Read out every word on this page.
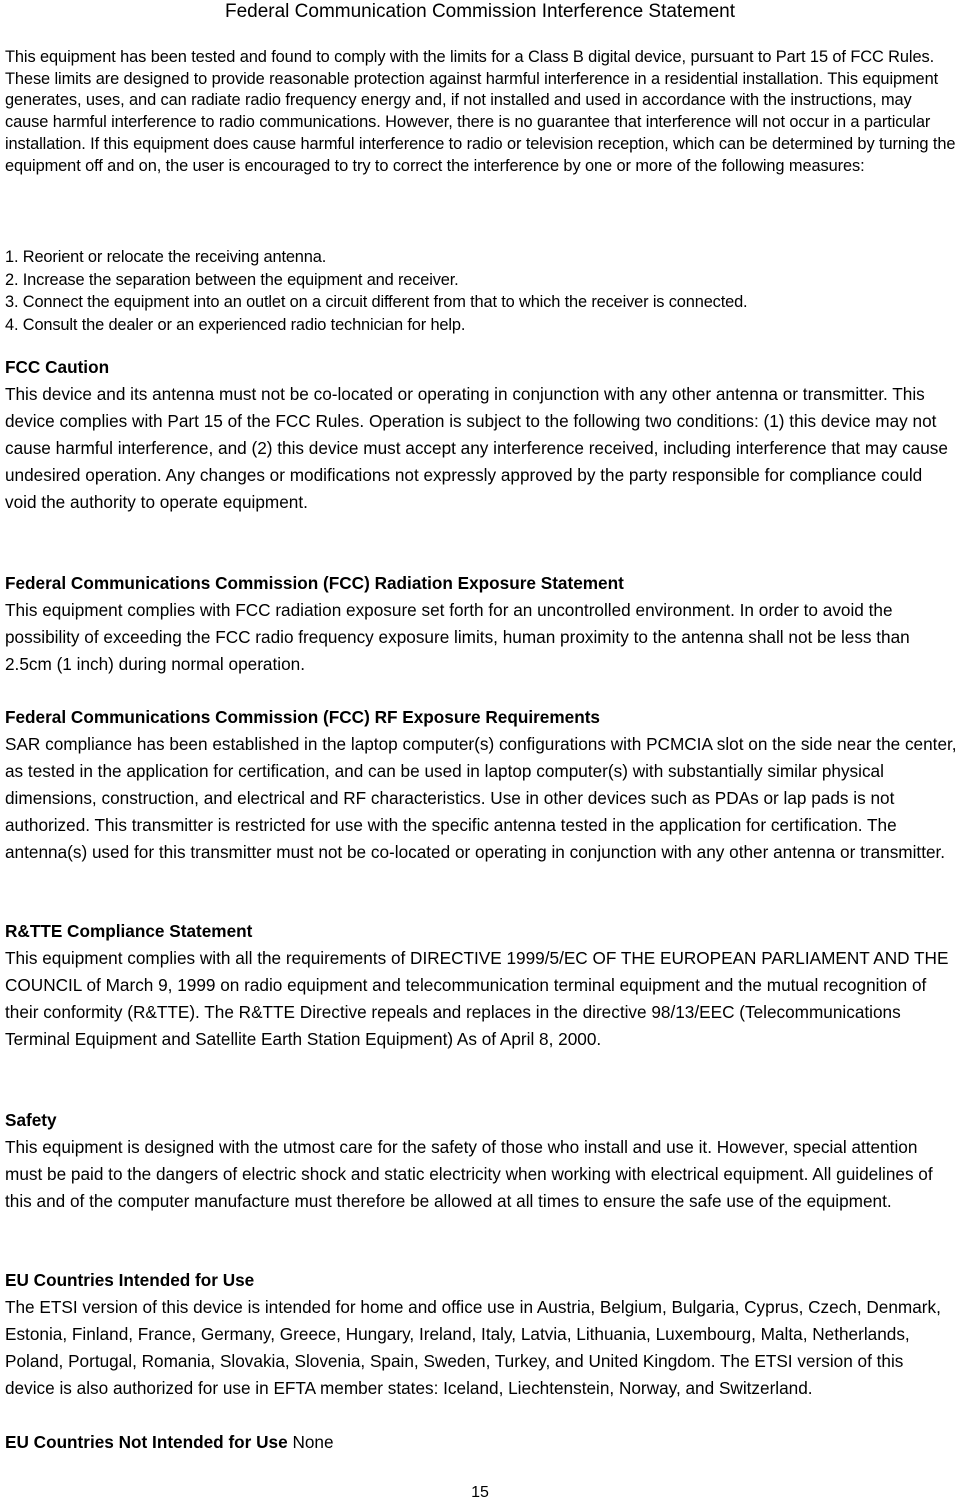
Federal Communication Commission Interference Statement

This equipment has been tested and found to comply with the limits for a Class B digital device, pursuant to Part 15 of FCC Rules. These limits are designed to provide reasonable protection against harmful interference in a residential installation. This equipment generates, uses, and can radiate radio frequency energy and, if not installed and used in accordance with the instructions, may cause harmful interference to radio communications. However, there is no guarantee that interference will not occur in a particular installation. If this equipment does cause harmful interference to radio or television reception, which can be determined by turning the equipment off and on, the user is encouraged to try to correct the interference by one or more of the following measures:

1. Reorient or relocate the receiving antenna.
2. Increase the separation between the equipment and receiver.
3. Connect the equipment into an outlet on a circuit different from that to which the receiver is connected.
4. Consult the dealer or an experienced radio technician for help.
FCC Caution

This device and its antenna must not be co-located or operating in conjunction with any other antenna or transmitter. This device complies with Part 15 of the FCC Rules. Operation is subject to the following two conditions: (1) this device may not cause harmful interference, and (2) this device must accept any interference received, including interference that may cause undesired operation. Any changes or modifications not expressly approved by the party responsible for compliance could void the authority to operate equipment.

Federal Communications Commission (FCC) Radiation Exposure Statement

This equipment complies with FCC radiation exposure set forth for an uncontrolled environment. In order to avoid the possibility of exceeding the FCC radio frequency exposure limits, human proximity to the antenna shall not be less than 2.5cm (1 inch) during normal operation.

Federal Communications Commission (FCC) RF Exposure Requirements

SAR compliance has been established in the laptop computer(s) configurations with PCMCIA slot on the side near the center, as tested in the application for certification, and can be used in laptop computer(s) with substantially similar physical dimensions, construction, and electrical and RF characteristics. Use in other devices such as PDAs or lap pads is not authorized. This transmitter is restricted for use with the specific antenna tested in the application for certification. The antenna(s) used for this transmitter must not be co-located or operating in conjunction with any other antenna or transmitter.

R&TTE Compliance Statement

This equipment complies with all the requirements of DIRECTIVE 1999/5/EC OF THE EUROPEAN PARLIAMENT AND THE COUNCIL of March 9, 1999 on radio equipment and telecommunication terminal equipment and the mutual recognition of their conformity (R&TTE). The R&TTE Directive repeals and replaces in the directive 98/13/EEC (Telecommunications Terminal Equipment and Satellite Earth Station Equipment) As of April 8, 2000.

Safety

This equipment is designed with the utmost care for the safety of those who install and use it. However, special attention must be paid to the dangers of electric shock and static electricity when working with electrical equipment. All guidelines of this and of the computer manufacture must therefore be allowed at all times to ensure the safe use of the equipment.

EU Countries Intended for Use

The ETSI version of this device is intended for home and office use in Austria, Belgium, Bulgaria, Cyprus, Czech, Denmark, Estonia, Finland, France, Germany, Greece, Hungary, Ireland, Italy, Latvia, Lithuania, Luxembourg, Malta, Netherlands, Poland, Portugal, Romania, Slovakia, Slovenia, Spain, Sweden, Turkey, and United Kingdom. The ETSI version of this device is also authorized for use in EFTA member states: Iceland, Liechtenstein, Norway, and Switzerland.

EU Countries Not Intended for Use None
15
